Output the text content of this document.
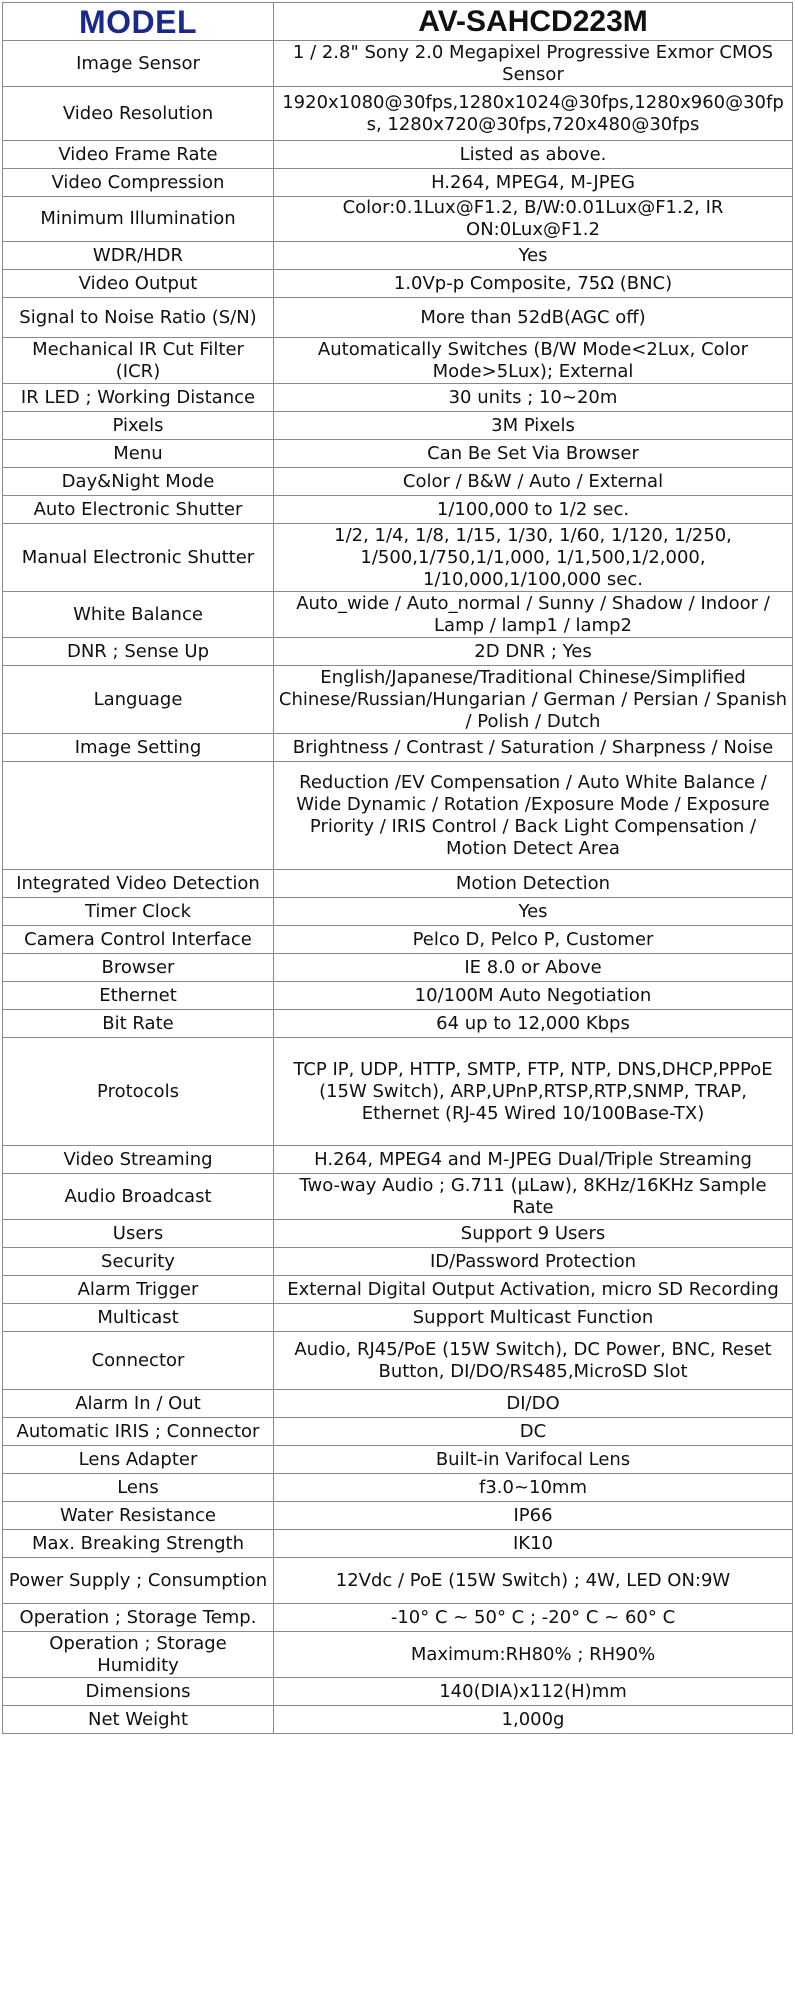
MODEL	AV-SAHCD223M
Image Sensor	1 / 2.8" Sony 2.0 Megapixel Progressive Exmor CMOS Sensor
Video Resolution	1920x1080@30fps,1280x1024@30fps,1280x960@30fps, 1280x720@30fps,720x480@30fps
Video Frame Rate	Listed as above.
Video Compression	H.264, MPEG4, M-JPEG
Minimum Illumination	Color:0.1Lux@F1.2, B/W:0.01Lux@F1.2, IR ON:0Lux@F1.2
WDR/HDR	Yes
Video Output	1.0Vp-p Composite, 75Ω (BNC)
Signal to Noise Ratio (S/N)	More than 52dB(AGC off)
Mechanical IR Cut Filter (ICR)	Automatically Switches (B/W Mode<2Lux, Color Mode>5Lux); External
IR LED ; Working Distance	30 units ; 10~20m
Pixels	3M Pixels
Menu	Can Be Set Via Browser
Day&Night Mode	Color / B&W / Auto / External
Auto Electronic Shutter	1/100,000 to 1/2 sec.
Manual Electronic Shutter	1/2, 1/4, 1/8, 1/15, 1/30, 1/60, 1/120, 1/250, 1/500,1/750,1/1,000, 1/1,500,1/2,000, 1/10,000,1/100,000 sec.
White Balance	Auto_wide / Auto_normal / Sunny / Shadow / Indoor / Lamp / lamp1 / lamp2
DNR ; Sense Up	2D DNR ; Yes
Language	English/Japanese/Traditional Chinese/Simplified Chinese/Russian/Hungarian / German / Persian / Spanish / Polish / Dutch
Image Setting	Brightness / Contrast / Saturation / Sharpness / Noise
	Reduction /EV Compensation / Auto White Balance / Wide Dynamic / Rotation /Exposure Mode / Exposure Priority / IRIS Control / Back Light Compensation / Motion Detect Area
Integrated Video Detection	Motion Detection
Timer Clock	Yes
Camera Control Interface	Pelco D, Pelco P, Customer
Browser	IE 8.0 or Above
Ethernet	10/100M Auto Negotiation
Bit Rate	64 up to 12,000 Kbps
Protocols	TCP IP, UDP, HTTP, SMTP, FTP, NTP, DNS,DHCP,PPPoE (15W Switch), ARP,UPnP,RTSP,RTP,SNMP, TRAP, Ethernet (RJ-45 Wired 10/100Base-TX)
Video Streaming	H.264, MPEG4 and M-JPEG Dual/Triple Streaming
Audio Broadcast	Two-way Audio ; G.711 (μLaw), 8KHz/16KHz Sample Rate
Users	Support 9 Users
Security	ID/Password Protection
Alarm Trigger	External Digital Output Activation, micro SD Recording
Multicast	Support Multicast Function
Connector	Audio, RJ45/PoE (15W Switch), DC Power, BNC, Reset Button, DI/DO/RS485,MicroSD Slot
Alarm In / Out	DI/DO
Automatic IRIS ; Connector	DC
Lens Adapter	Built-in Varifocal Lens
Lens	f3.0~10mm
Water Resistance	IP66
Max. Breaking Strength	IK10
Power Supply ; Consumption	12Vdc / PoE (15W Switch) ; 4W, LED ON:9W
Operation ; Storage Temp.	-10° C ~ 50° C ; -20° C ~ 60° C
Operation ; Storage Humidity	Maximum:RH80% ; RH90%
Dimensions	140(DIA)x112(H)mm
Net Weight	1,000g
